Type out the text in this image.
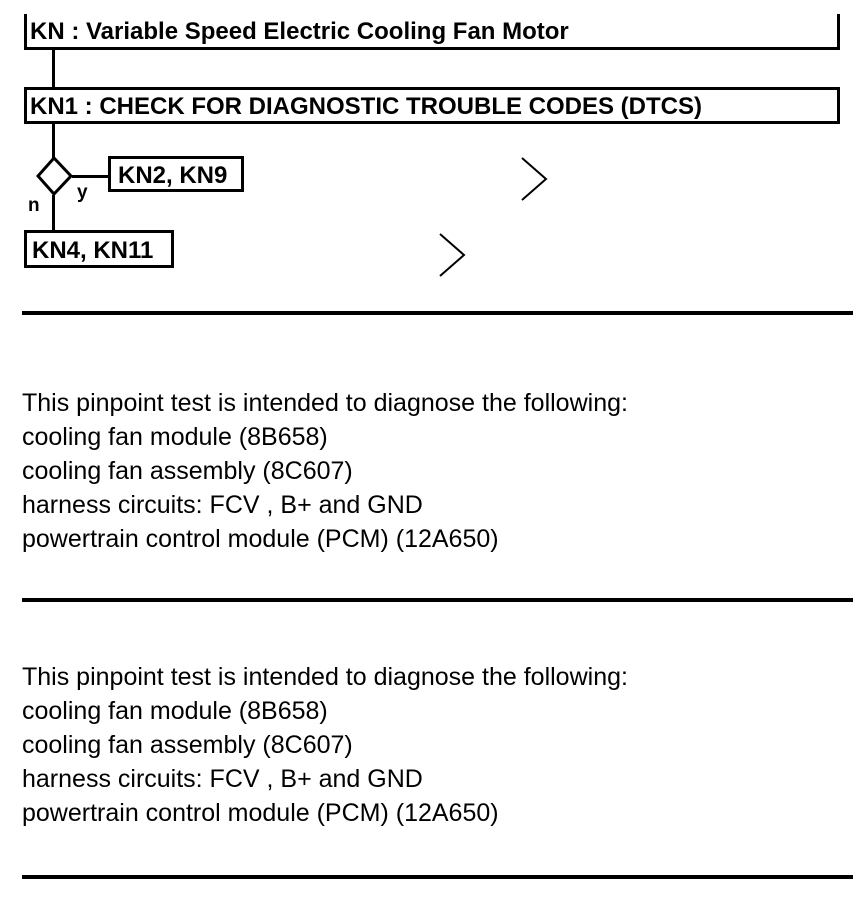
KN : Variable Speed Electric Cooling Fan Motor
KN1 : CHECK FOR DIAGNOSTIC TROUBLE CODES (DTCS)
y
KN2, KN9
n
KN4, KN11
This pinpoint test is intended to diagnose the following:
cooling fan module (8B658)
cooling fan assembly (8C607)
harness circuits: FCV , B+ and GND
powertrain control module (PCM) (12A650)
This pinpoint test is intended to diagnose the following:
cooling fan module (8B658)
cooling fan assembly (8C607)
harness circuits: FCV , B+ and GND
powertrain control module (PCM) (12A650)
